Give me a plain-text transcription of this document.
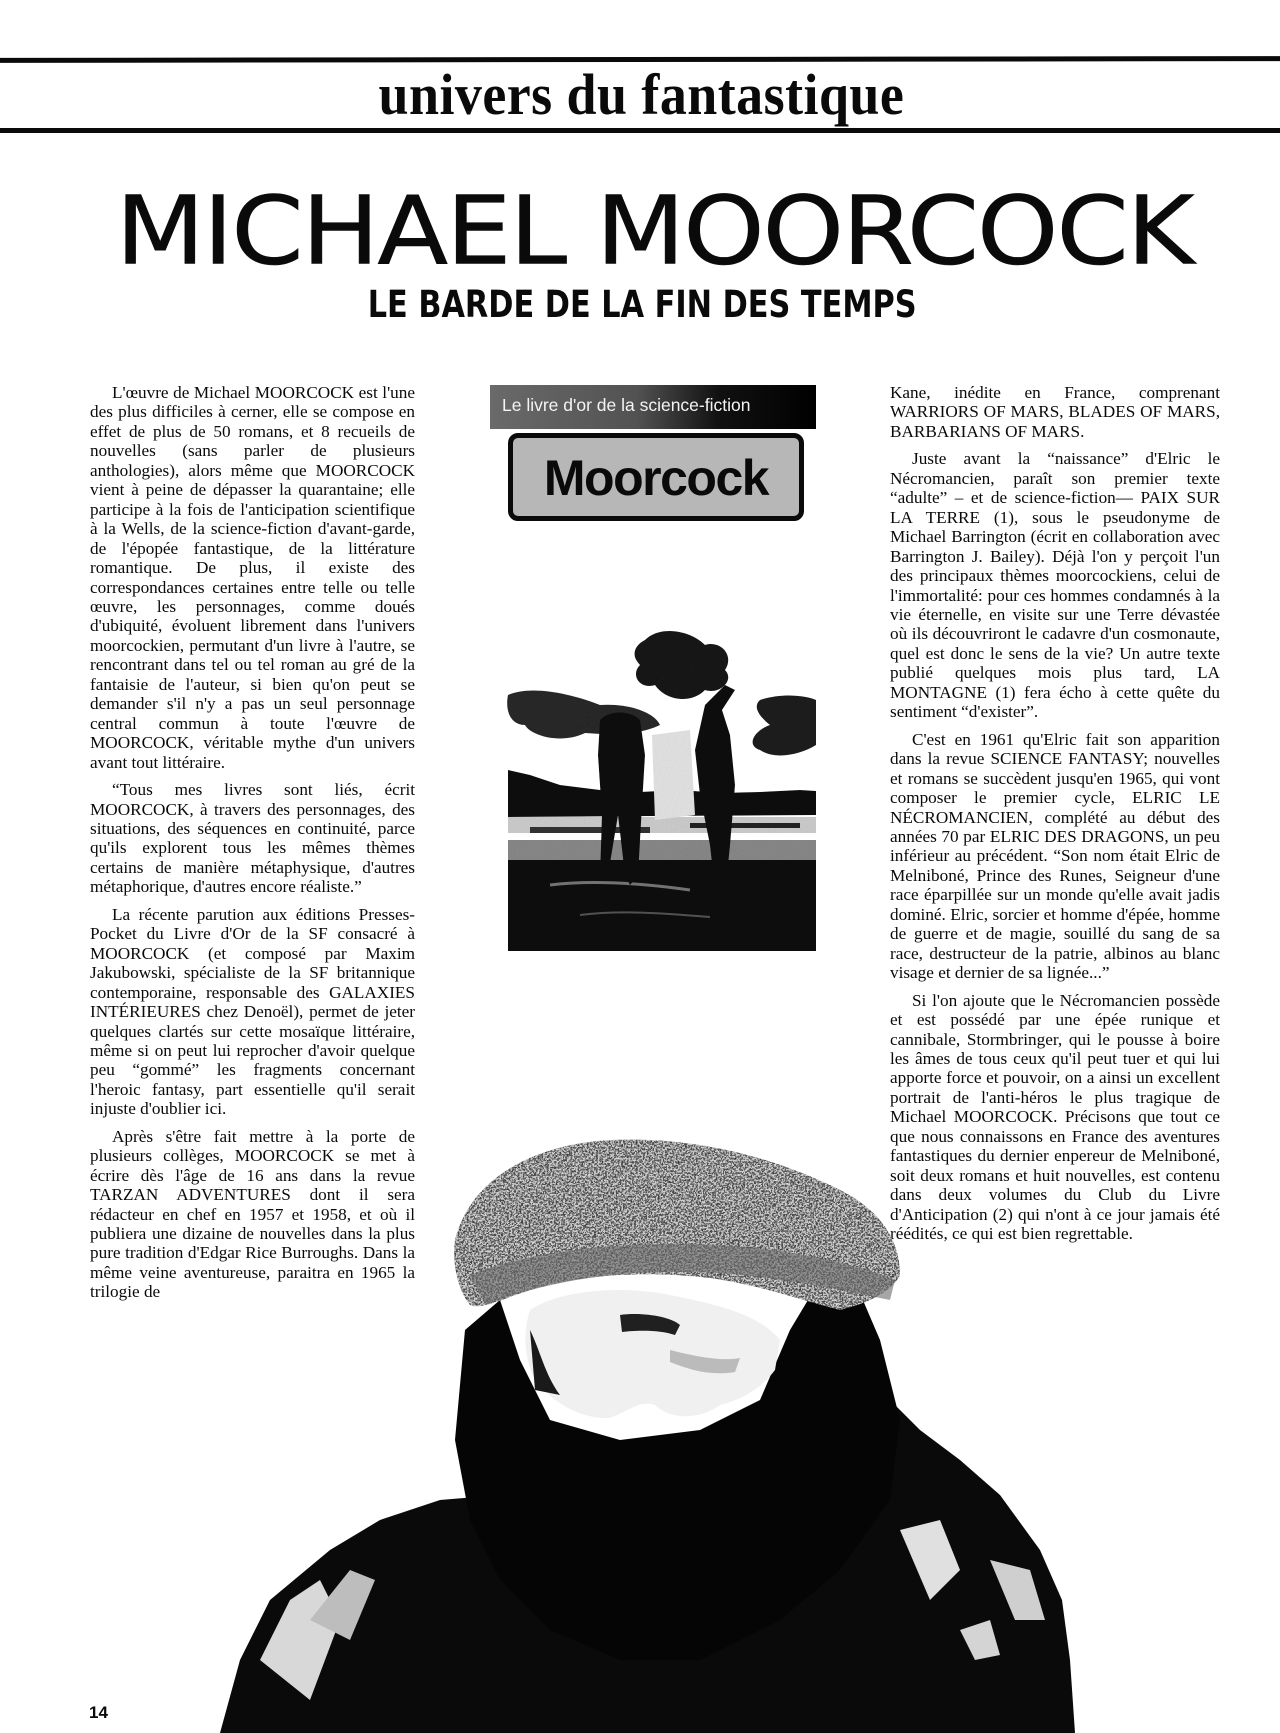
univers du fantastique
MICHAEL MOORCOCK
LE BARDE DE LA FIN DES TEMPS

L'œuvre de Michael MOORCOCK est l'une des plus difficiles à cerner, elle se compose en effet de plus de 50 romans, et 8 recueils de nouvelles (sans parler de plusieurs anthologies), alors même que MOORCOCK vient à peine de dépasser la quarantaine; elle participe à la fois de l'anticipation scientifique à la Wells, de la science-fiction d'avant-garde, de l'épopée fantastique, de la littérature romantique. De plus, il existe des correspondances certaines entre telle ou telle œuvre, les personnages, comme doués d'ubiquité, évoluent librement dans l'univers moorcockien, permutant d'un livre à l'autre, se rencontrant dans tel ou tel roman au gré de la fantaisie de l'auteur, si bien qu'on peut se demander s'il n'y a pas un seul personnage central commun à toute l'œuvre de MOORCOCK, véritable mythe d'un univers avant tout littéraire.

“Tous mes livres sont liés, écrit MOORCOCK, à travers des personnages, des situations, des séquences en continuité, parce qu'ils explorent tous les mêmes thèmes certains de manière métaphysique, d'autres métaphorique, d'autres encore réaliste.”

La récente parution aux éditions Presses-Pocket du Livre d'Or de la SF consacré à MOORCOCK (et composé par Maxim Jakubowski, spécialiste de la SF britannique contemporaine, responsable des GALAXIES INTÉRIEURES chez Denoël), permet de jeter quelques clartés sur cette mosaïque littéraire, même si on peut lui reprocher d'avoir quelque peu “gommé” les fragments concernant l'heroic fantasy, part essentielle qu'il serait injuste d'oublier ici.

Après s'être fait mettre à la porte de plusieurs collèges, MOORCOCK se met à écrire dès l'âge de 16 ans dans la revue TARZAN ADVENTURES dont il sera rédacteur en chef en 1957 et 1958, et où il publiera une dizaine de nouvelles dans la plus pure tradition d'Edgar Rice Burroughs. Dans la même veine aventureuse, paraitra en 1965 la trilogie de

Le livre d'or de la science-fiction
Moorcock

Kane, inédite en France, comprenant WARRIORS OF MARS, BLADES OF MARS, BARBARIANS OF MARS.

Juste avant la “naissance” d'Elric le Nécromancien, paraît son premier texte “adulte” – et de science-fiction— PAIX SUR LA TERRE (1), sous le pseudonyme de Michael Barrington (écrit en collaboration avec Barrington J. Bailey). Déjà l'on y perçoit l'un des principaux thèmes moorcockiens, celui de l'immortalité: pour ces hommes condamnés à la vie éternelle, en visite sur une Terre dévastée où ils découvriront le cadavre d'un cosmonaute, quel est donc le sens de la vie? Un autre texte publié quelques mois plus tard, LA MONTAGNE (1) fera écho à cette quête du sentiment “d'exister”.

C'est en 1961 qu'Elric fait son apparition dans la revue SCIENCE FANTASY; nouvelles et romans se succèdent jusqu'en 1965, qui vont composer le premier cycle, ELRIC LE NÉCROMANCIEN, complété au début des années 70 par ELRIC DES DRAGONS, un peu inférieur au précédent. “Son nom était Elric de Melniboné, Prince des Runes, Seigneur d'une race éparpillée sur un monde qu'elle avait jadis dominé. Elric, sorcier et homme d'épée, homme de guerre et de magie, souillé du sang de sa race, destructeur de la patrie, albinos au blanc visage et dernier de sa lignée...”

Si l'on ajoute que le Nécromancien possède et est possédé par une épée runique et cannibale, Stormbringer, qui le pousse à boire les âmes de tous ceux qu'il peut tuer et qui lui apporte force et pouvoir, on a ainsi un excellent portrait de l'anti-héros le plus tragique de Michael MOORCOCK. Précisons que tout ce que nous connaissons en France des aventures fantastiques du dernier enpereur de Melniboné, soit deux romans et huit nouvelles, est contenu dans deux volumes du Club du Livre d'Anticipation (2) qui n'ont à ce jour jamais été réédités, ce qui est bien regrettable.

14
